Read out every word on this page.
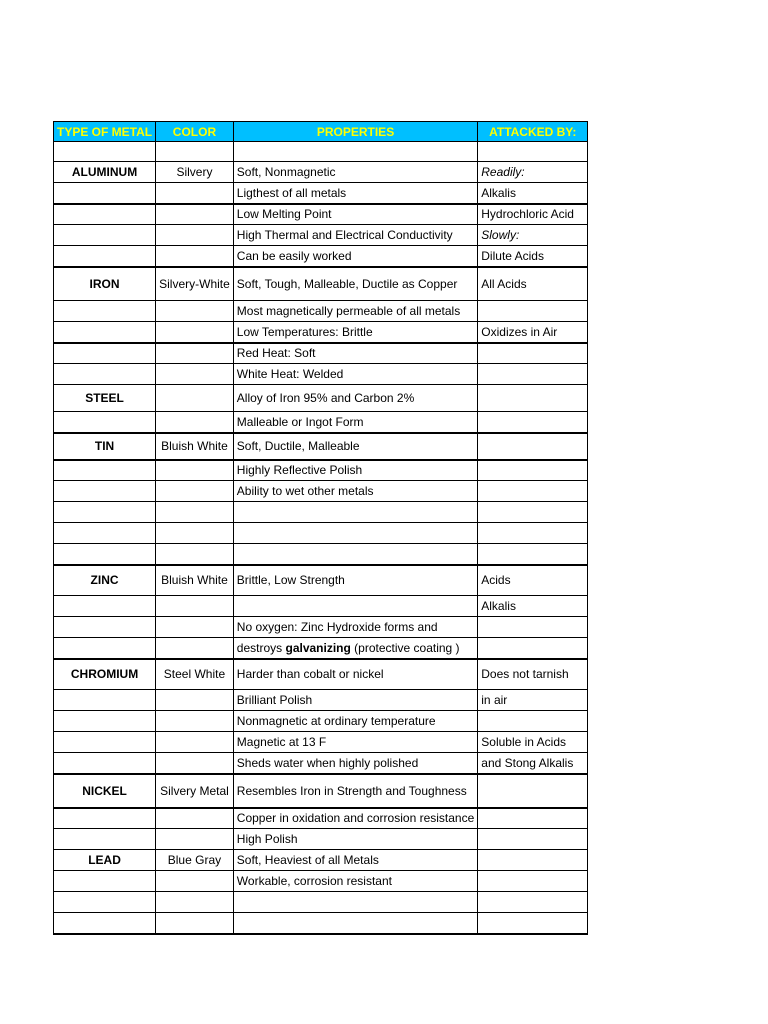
TYPE OF METAL	COLOR	PROPERTIES	ATTACKED BY:

ALUMINUM	Silvery	Soft, Nonmagnetic	Readily:
		Ligthest of all metals	Alkalis
		Low Melting Point	Hydrochloric Acid
		High Thermal and Electrical Conductivity	Slowly:
		Can be easily worked	Dilute Acids
IRON	Silvery-White	Soft, Tough, Malleable, Ductile as Copper	All Acids
		Most magnetically permeable of all metals	
		Low Temperatures: Brittle	Oxidizes in Air
		Red Heat: Soft	
		White Heat: Welded	
STEEL		Alloy of Iron 95% and Carbon 2%	
		Malleable or Ingot Form	
TIN	Bluish White	Soft, Ductile, Malleable	
		Highly Reflective Polish	
		Ability to wet other metals	

ZINC	Bluish White	Brittle, Low Strength	Acids
			Alkalis
		No oxygen: Zinc Hydroxide forms and	
		destroys galvanizing (protective coating )	
CHROMIUM	Steel White	Harder than cobalt or nickel	Does not tarnish
		Brilliant Polish	in air
		Nonmagnetic at ordinary temperature	
		Magnetic at 13 F	Soluble in Acids
		Sheds water when highly polished	and Stong Alkalis
NICKEL	Silvery Metal	Resembles Iron in Strength and Toughness	
		Copper in oxidation and corrosion resistance	
		High Polish	
LEAD	Blue Gray	Soft, Heaviest of all Metals	
		Workable, corrosion resistant	
